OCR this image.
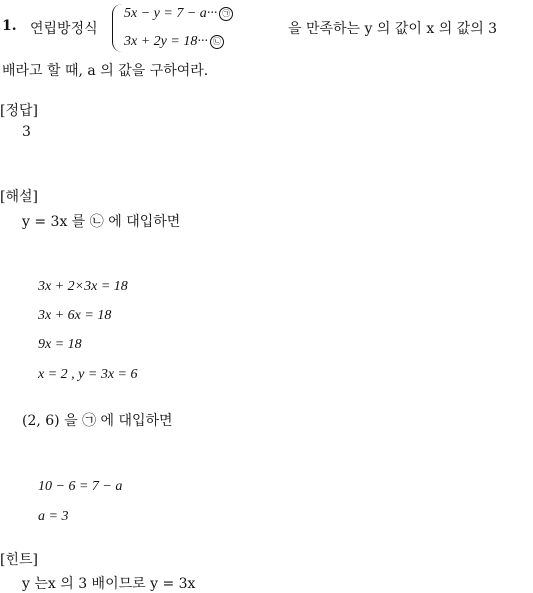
1. 연립방정식
5x − y = 7 − a··· ㉠
3x + 2y = 18··· ㉡
을 만족하는 y 의 값이 x 의 값의 3
배라고 할 때, a 의 값을 구하여라.
[정답]
3
[해설]
y = 3x 를 ㉡ 에 대입하면
3x + 2×3x = 18
3x + 6x = 18
9x = 18
x = 2 , y = 3x = 6
(2, 6) 을 ㉠ 에 대입하면
10 − 6 = 7 − a
a = 3
[힌트]
y 는x 의 3 배이므로 y = 3x
